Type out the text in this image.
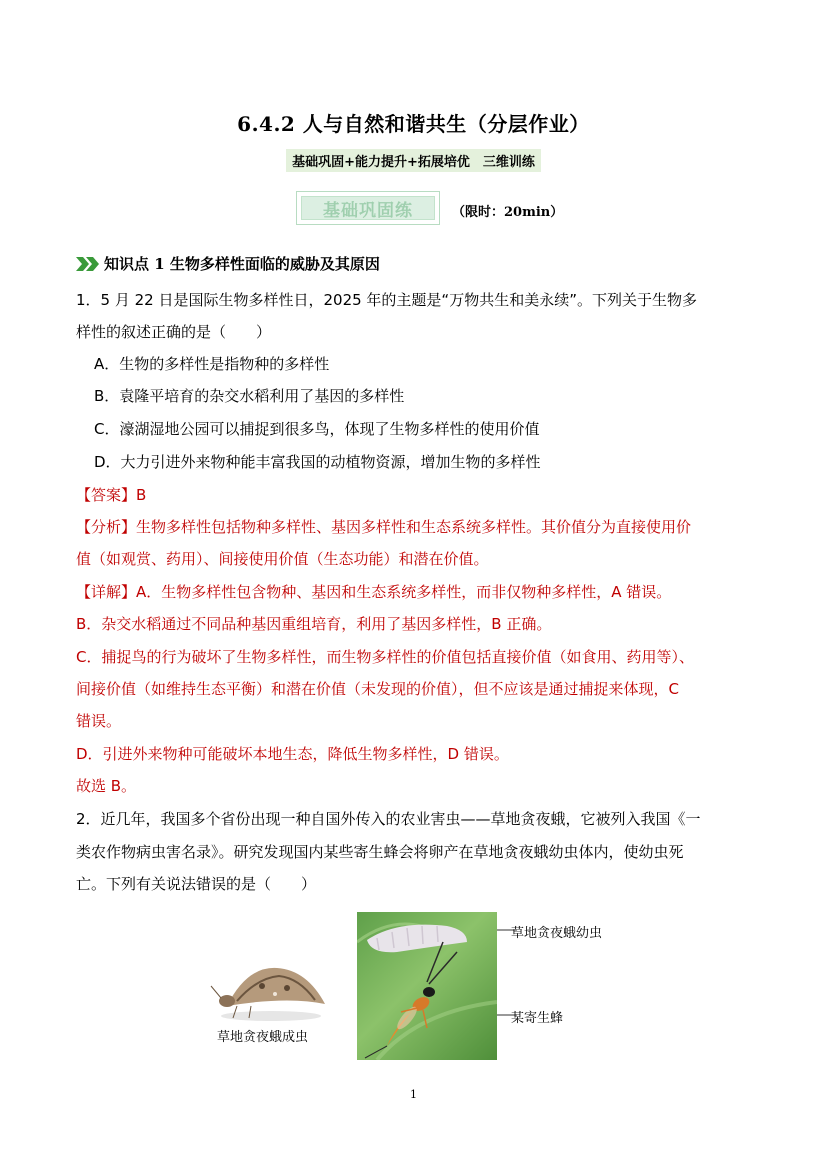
6.4.2 人与自然和谐共生（分层作业）
基础巩固+能力提升+拓展培优　三维训练
基础巩固练	（限时：20min）
知识点 1 生物多样性面临的威胁及其原因
1．5 月 22 日是国际生物多样性日，2025 年的主题是“万物共生和美永续”。下列关于生物多
样性的叙述正确的是（　　）
A．生物的多样性是指物种的多样性
B．袁隆平培育的杂交水稻利用了基因的多样性
C．濠湖湿地公园可以捕捉到很多鸟，体现了生物多样性的使用价值
D．大力引进外来物种能丰富我国的动植物资源，增加生物的多样性
【答案】B
【分析】生物多样性包括物种多样性、基因多样性和生态系统多样性。其价值分为直接使用价
值（如观赏、药用）、间接使用价值（生态功能）和潜在价值。
【详解】A．生物多样性包含物种、基因和生态系统多样性，而非仅物种多样性，A 错误。
B．杂交水稻通过不同品种基因重组培育，利用了基因多样性，B 正确。
C．捕捉鸟的行为破坏了生物多样性，而生物多样性的价值包括直接价值（如食用、药用等）、
间接价值（如维持生态平衡）和潜在价值（未发现的价值），但不应该是通过捕捉来体现，C
错误。
D．引进外来物种可能破坏本地生态，降低生物多样性，D 错误。
故选 B。
2．近几年，我国多个省份出现一种自国外传入的农业害虫——草地贪夜蛾，它被列入我国《一
类农作物病虫害名录》。研究发现国内某些寄生蜂会将卵产在草地贪夜蛾幼虫体内，使幼虫死
亡。下列有关说法错误的是（　　）
草地贪夜蛾幼虫
某寄生蜂
草地贪夜蛾成虫
1
